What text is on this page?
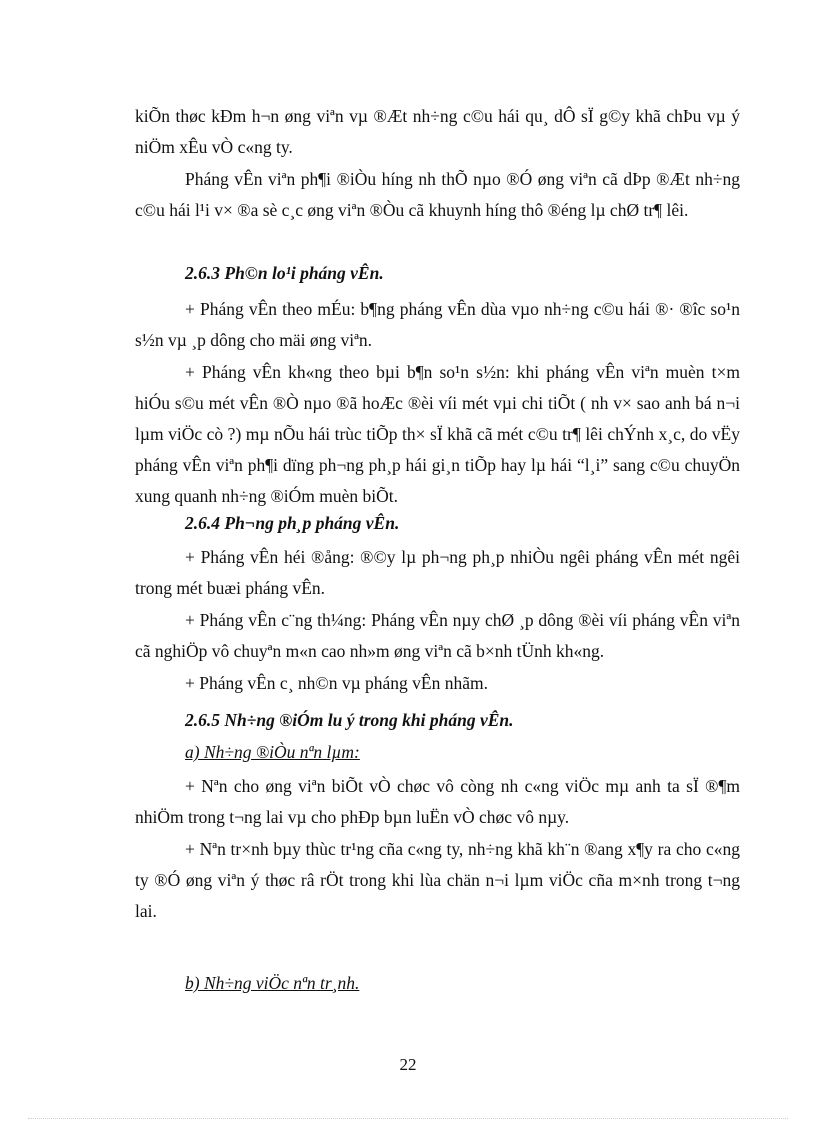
kiÕn thøc kÐm h¬n øng viªn vµ ®Æt nh÷ng c©u hái qu¸ dÔ sÏ g©y khã chÞu vµ ý niÖm xÊu vÒ c«ng ty.

Pháng vÊn viªn ph¶i ®iÒu híng nh thÕ nµo ®Ó øng viªn cã dÞp ®Æt nh÷ng c©u hái l¹i v× ®a sè c¸c øng viªn ®Òu cã khuynh híng thô ®éng lµ chØ tr¶ lêi.

2.6.3 Ph©n lo¹i pháng vÊn.

+ Pháng vÊn theo mÉu: b¶ng pháng vÊn dùa vµo nh÷ng c©u hái ®· ®îc so¹n s½n vµ ¸p dông cho mäi øng viªn.

+ Pháng vÊn kh«ng theo bµi b¶n so¹n s½n: khi pháng vÊn viªn muèn t×m hiÓu s©u mét vÊn ®Ò nµo ®ã hoÆc ®èi víi mét vµi chi tiÕt ( nh v× sao anh bá n¬i lµm viÖc cò ?) mµ nÕu hái trùc tiÕp th× sÏ khã cã mét c©u tr¶ lêi chÝnh x¸c, do vËy pháng vÊn viªn ph¶i dïng ph¬ng ph¸p hái gi¸n tiÕp hay lµ hái “l¸i” sang c©u chuyÖn xung quanh nh÷ng ®iÓm muèn biÕt.

2.6.4 Ph¬ng ph¸p pháng vÊn.

+ Pháng vÊn héi ®ång: ®©y lµ ph¬ng ph¸p nhiÒu ngêi pháng vÊn mét ngêi trong mét buæi pháng vÊn.

+ Pháng vÊn c¨ng th¼ng: Pháng vÊn nµy chØ ¸p dông ®èi víi pháng vÊn viªn cã nghiÖp vô chuyªn m«n cao nh»m øng viªn cã b×nh tÜnh kh«ng.

+ Pháng vÊn c¸ nh©n vµ pháng vÊn nhãm.

2.6.5 Nh÷ng ®iÓm lu ý trong khi pháng vÊn.

a) Nh÷ng ®iÒu nªn lµm:

+ Nªn cho øng viªn biÕt vÒ chøc vô còng nh c«ng viÖc mµ anh ta sÏ ®¶m nhiÖm trong t¬ng lai vµ cho phÐp bµn luËn vÒ chøc vô nµy.

+ Nªn tr×nh bµy thùc tr¹ng cña c«ng ty, nh÷ng khã kh¨n ®ang x¶y ra cho c«ng ty ®Ó øng viªn ý thøc râ rÖt trong khi lùa chän n¬i lµm viÖc cña m×nh trong t¬ng lai.

b) Nh÷ng viÖc nªn tr¸nh.

22
